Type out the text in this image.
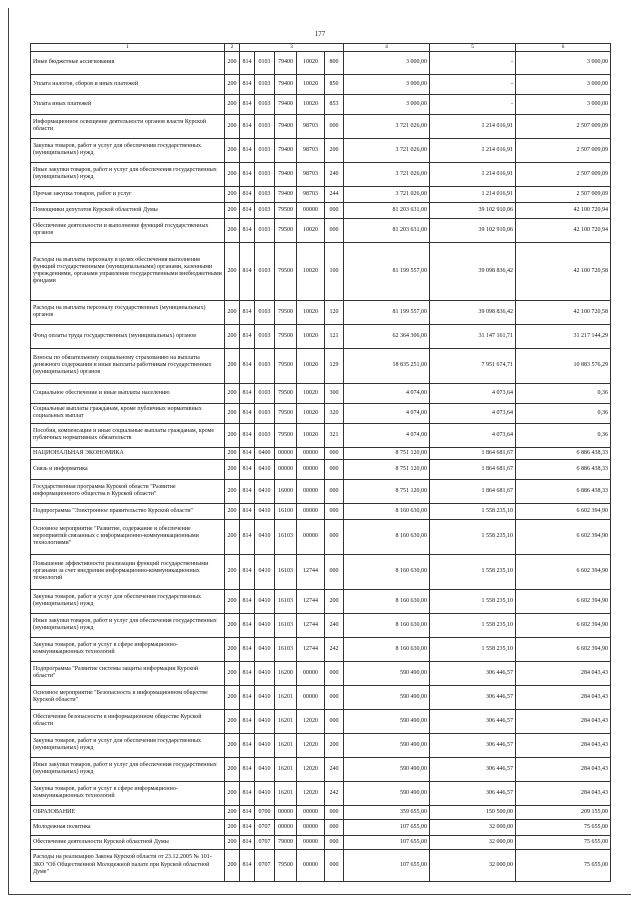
177
1	2	3					4	5	6
Иные бюджетные ассигнования	200	814	0103	79400	10020	800	3 000,00	-	3 000,00
Уплата налогов, сборов и иных платежей	200	814	0103	79400	10020	850	3 000,00	-	3 000,00
Уплата иных платежей	200	814	0103	79400	10020	853	3 000,00	-	3 000,00
Информационное освещение деятельности органов власти Курской области	200	814	0103	79400	98703	000	3 721 026,00	1 214 016,91	2 507 009,09
Закупка товаров, работ и услуг для обеспечения государственных (муниципальных) нужд	200	814	0103	79400	98703	200	3 721 026,00	1 214 016,91	2 507 009,09
Иные закупки товаров, работ и услуг для обеспечения государственных (муниципальных) нужд	200	814	0103	79400	98703	240	3 721 026,00	1 214 016,91	2 507 009,09
Прочая закупка товаров, работ и услуг	200	814	0103	79400	98703	244	3 721 026,00	1 214 016,91	2 507 009,09
Помощники депутатов Курской областной Думы	200	814	0103	79500	00000	000	81 203 631,00	39 102 910,06	42 100 720,94
Обеспечение деятельности и выполнение функций государственных органов	200	814	0103	79500	10020	000	81 203 631,00	39 102 910,06	42 100 720,94
Расходы на выплаты персоналу в целях обеспечения выполнения функций государственными (муниципальными) органами, казенными учреждениями, органами управления государственными внебюджетными фондами	200	814	0103	79500	10020	100	81 199 557,00	39 098 836,42	42 100 720,58
Расходы на выплаты персоналу государственных (муниципальных) органов	200	814	0103	79500	10020	120	81 199 557,00	39 098 836,42	42 100 720,58
Фонд оплаты труда государственных (муниципальных) органов	200	814	0103	79500	10020	121	62 364 306,00	31 147 161,71	31 217 144,29
Взносы по обязательному социальному страхованию на выплаты денежного содержания и иные выплаты работникам государственных (муниципальных) органов	200	814	0103	79500	10020	129	18 835 251,00	7 951 674,71	10 883 576,29
Социальное обеспечение и иные выплаты населению	200	814	0103	79500	10020	300	4 074,00	4 073,64	0,36
Социальные выплаты гражданам, кроме публичных нормативных социальных выплат	200	814	0103	79500	10020	320	4 074,00	4 073,64	0,36
Пособия, компенсации и иные социальные выплаты гражданам, кроме публичных нормативных обязательств	200	814	0103	79500	10020	321	4 074,00	4 073,64	0,36
НАЦИОНАЛЬНАЯ ЭКОНОМИКА	200	814	0400	00000	00000	000	8 751 120,00	1 864 681,67	6 886 438,33
Связь и информатика	200	814	0410	00000	00000	000	8 751 120,00	1 864 681,67	6 886 438,33
Государственная программа Курской области "Развитие информационного общества в Курской области"	200	814	0410	16000	00000	000	8 751 120,00	1 864 681,67	6 886 438,33
Подпрограмма "Электронное правительство Курской области"	200	814	0410	16100	00000	000	8 160 630,00	1 558 235,10	6 602 394,90
Основное мероприятие "Развитие, содержание и обеспечение мероприятий связанных с информационно-коммуникационными технологиями"	200	814	0410	16103	00000	000	8 160 630,00	1 558 235,10	6 602 394,90
Повышение эффективности реализации функций государственными органами за счет внедрения информационно-коммуникационных технологий	200	814	0410	16103	12744	000	8 160 630,00	1 558 235,10	6 602 394,90
Закупка товаров, работ и услуг для обеспечения государственных (муниципальных) нужд	200	814	0410	16103	12744	200	8 160 630,00	1 558 235,10	6 602 394,90
Иные закупки товаров, работ и услуг для обеспечения государственных (муниципальных) нужд	200	814	0410	16103	12744	240	8 160 630,00	1 558 235,10	6 602 394,90
Закупка товаров, работ и услуг в сфере информационно-коммуникационных технологий	200	814	0410	16103	12744	242	8 160 630,00	1 558 235,10	6 602 394,90
Подпрограмма "Развитие системы защиты информации Курской области"	200	814	0410	16200	00000	000	590 490,00	306 446,57	284 043,43
Основное мероприятие "Безопасность в информационном обществе Курской области"	200	814	0410	16201	00000	000	590 490,00	306 446,57	284 043,43
Обеспечение безопасности в информационном обществе Курской области	200	814	0410	16201	12020	000	590 490,00	306 446,57	284 043,43
Закупка товаров, работ и услуг для обеспечения государственных (муниципальных) нужд	200	814	0410	16201	12020	200	590 490,00	306 446,57	284 043,43
Иные закупки товаров, работ и услуг для обеспечения государственных (муниципальных) нужд	200	814	0410	16201	12020	240	590 490,00	306 446,57	284 043,43
Закупка товаров, работ и услуг в сфере информационно-коммуникационных технологий	200	814	0410	16201	12020	242	590 490,00	306 446,57	284 043,43
ОБРАЗОВАНИЕ	200	814	0700	00000	00000	000	359 655,00	150 500,00	209 155,00
Молодежная политика	200	814	0707	00000	00000	000	107 655,00	32 000,00	75 655,00
Обеспечение деятельности Курской областной Думы	200	814	0707	79000	00000	000	107 655,00	32 000,00	75 655,00
Расходы на реализацию Закона Курской области от 23.12.2005 № 101-ЗКО "Об Общественной Молодежной палате при Курской областной Думе"	200	814	0707	79500	00000	000	107 655,00	32 000,00	75 655,00
